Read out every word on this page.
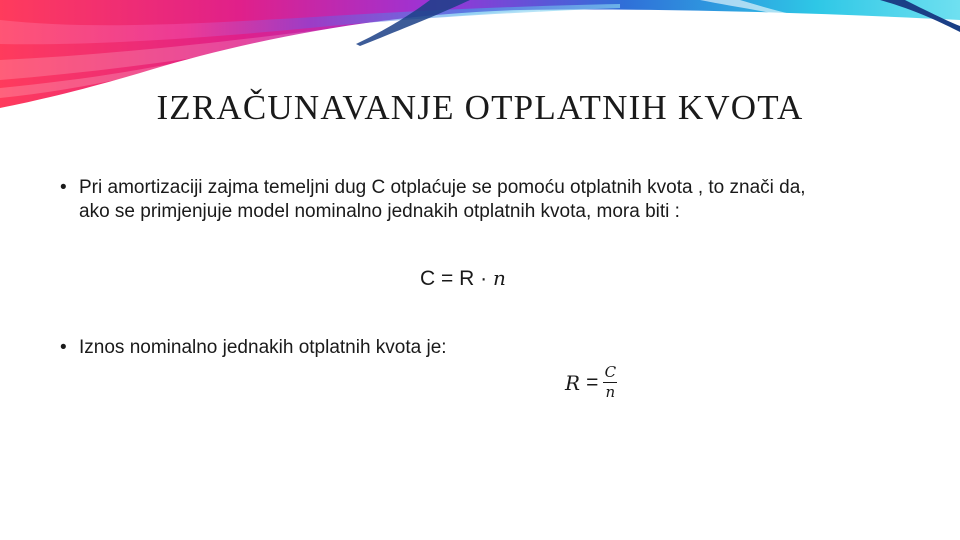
IZRAČUNAVANJE OTPLATNIH KVOTA
• Pri amortizaciji zajma temeljni dug C otplaćuje se pomoću otplatnih kvota , to znači da,
ako se primjenjuje model nominalno jednakih otplatnih kvota, mora biti :
• Iznos nominalno jednakih otplatnih kvota je:
C = R · n
$R = \frac{C}{n}$
